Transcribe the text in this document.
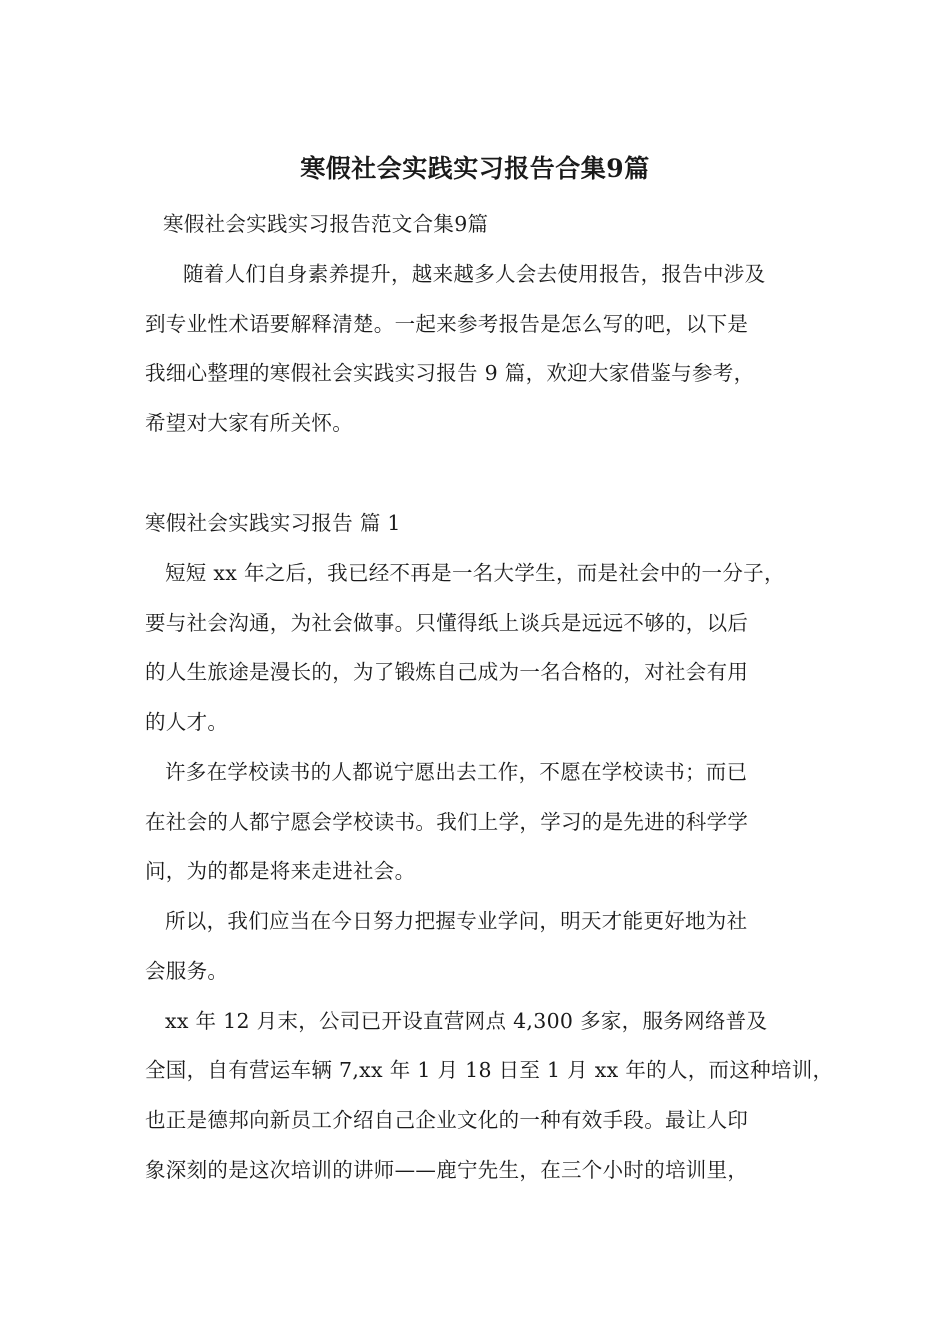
寒假社会实践实习报告合集9篇
寒假社会实践实习报告范文合集9篇
随着人们自身素养提升，越来越多人会去使用报告，报告中涉及
到专业性术语要解释清楚。一起来参考报告是怎么写的吧，以下是
我细心整理的寒假社会实践实习报告 9 篇，欢迎大家借鉴与参考，
希望对大家有所关怀。
寒假社会实践实习报告 篇 1
短短 xx 年之后，我已经不再是一名大学生，而是社会中的一分子，
要与社会沟通，为社会做事。只懂得纸上谈兵是远远不够的，以后
的人生旅途是漫长的，为了锻炼自己成为一名合格的，对社会有用
的人才。
许多在学校读书的人都说宁愿出去工作，不愿在学校读书；而已
在社会的人都宁愿会学校读书。我们上学，学习的是先进的科学学
问，为的都是将来走进社会。
所以，我们应当在今日努力把握专业学问，明天才能更好地为社
会服务。
xx 年 12 月末，公司已开设直营网点 4,300 多家，服务网络普及
全国，自有营运车辆 7,xx 年 1 月 18 日至 1 月 xx 年的人，而这种培训，
也正是德邦向新员工介绍自己企业文化的一种有效手段。最让人印
象深刻的是这次培训的讲师——鹿宁先生，在三个小时的培训里，
